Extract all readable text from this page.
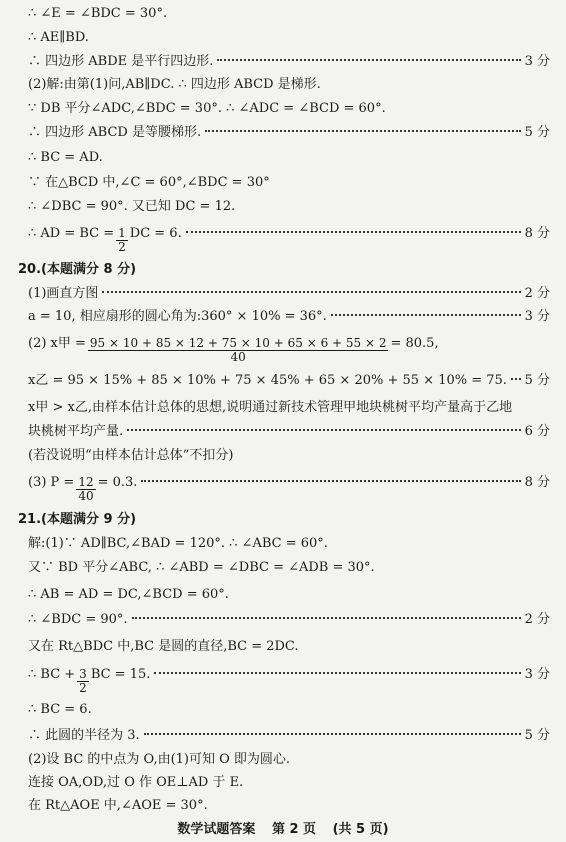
∴ ∠E = ∠BDC = 30°.
∴ AE∥BD.
∴ 四边形 ABDE 是平行四边形.	3 分
(2)解:由第(1)问,AB∥DC. ∴ 四边形 ABCD 是梯形.
∵ DB 平分∠ADC,∠BDC = 30°. ∴ ∠ADC = ∠BCD = 60°.
∴ 四边形 ABCD 是等腰梯形.	5 分
∴ BC = AD.
∵ 在△BCD 中,∠C = 60°,∠BDC = 30°
∴ ∠DBC = 90°. 又已知 DC = 12.
∴ AD = BC = $\frac{1}{2}$ DC = 6.	8 分
20.(本题满分 8 分)
(1)画直方图	2 分
a = 10, 相应扇形的圆心角为:360° × 10% = 36°.	3 分
(2) x甲 = $\frac{95 \times 10 + 85 \times 12 + 75 \times 10 + 65 \times 6 + 55 \times 2}{40} = 80.5$,
x乙 = 95 × 15% + 85 × 10% + 75 × 45% + 65 × 20% + 55 × 10% = 75. 5 分
x甲 > x乙,由样本估计总体的思想,说明通过新技术管理甲地块桃树平均产量高于乙地
块桃树平均产量.	6 分
(若没说明“由样本估计总体”不扣分)
(3) $P = \frac{12}{40} = 0.3$.	8 分
21.(本题满分 9 分)
解:(1)∵ AD∥BC,∠BAD = 120°. ∴ ∠ABC = 60°.
又∵ BD 平分∠ABC, ∴ ∠ABD = ∠DBC = ∠ADB = 30°.
∴ AB = AD = DC,∠BCD = 60°.
∴ ∠BDC = 90°.	2 分
又在 Rt△BDC 中,BC 是圆的直径,BC = 2DC.
∴ BC + $\frac{3}{2}$ BC = 15.	3 分
∴ BC = 6.
∴ 此圆的半径为 3.	5 分
(2)设 BC 的中点为 O,由(1)可知 O 即为圆心.
连接 OA,OD,过 O 作 OE⊥AD 于 E.
在 Rt△AOE 中,∠AOE = 30°.
数学试题答案 第 2 页 (共 5 页)
